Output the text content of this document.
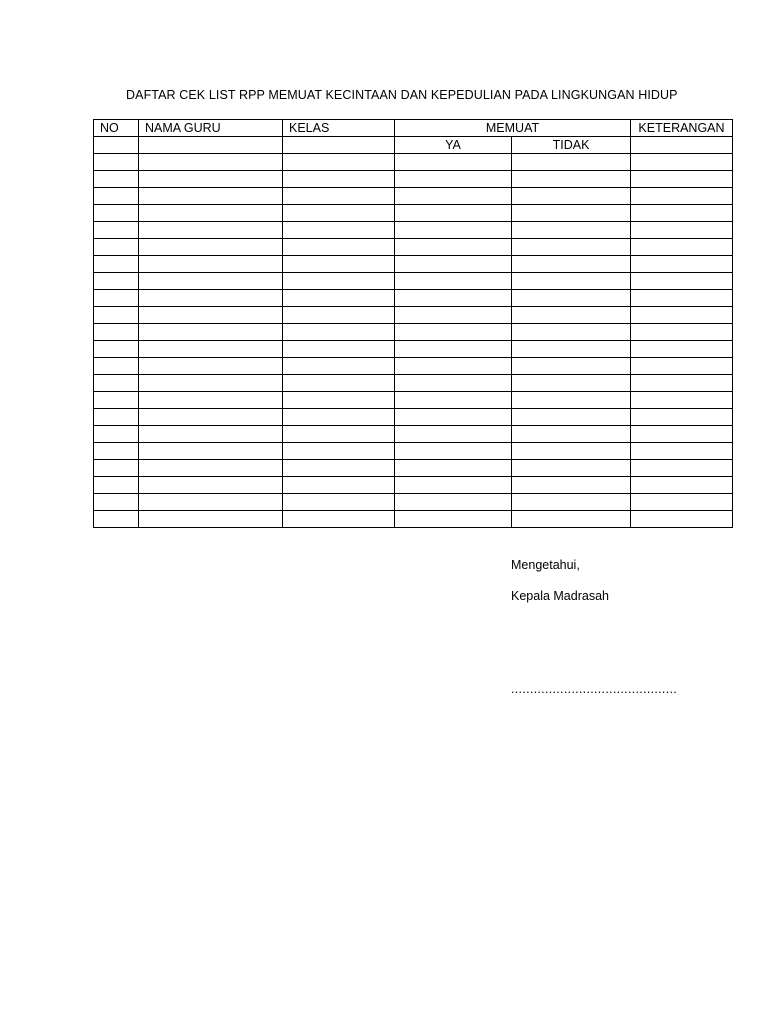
DAFTAR CEK LIST RPP MEMUAT KECINTAAN DAN KEPEDULIAN PADA LINGKUNGAN HIDUP
NO	NAMA GURU	KELAS	MEMUAT		KETERANGAN
			YA	TIDAK	

Mengetahui,
Kepala Madrasah
............................................
